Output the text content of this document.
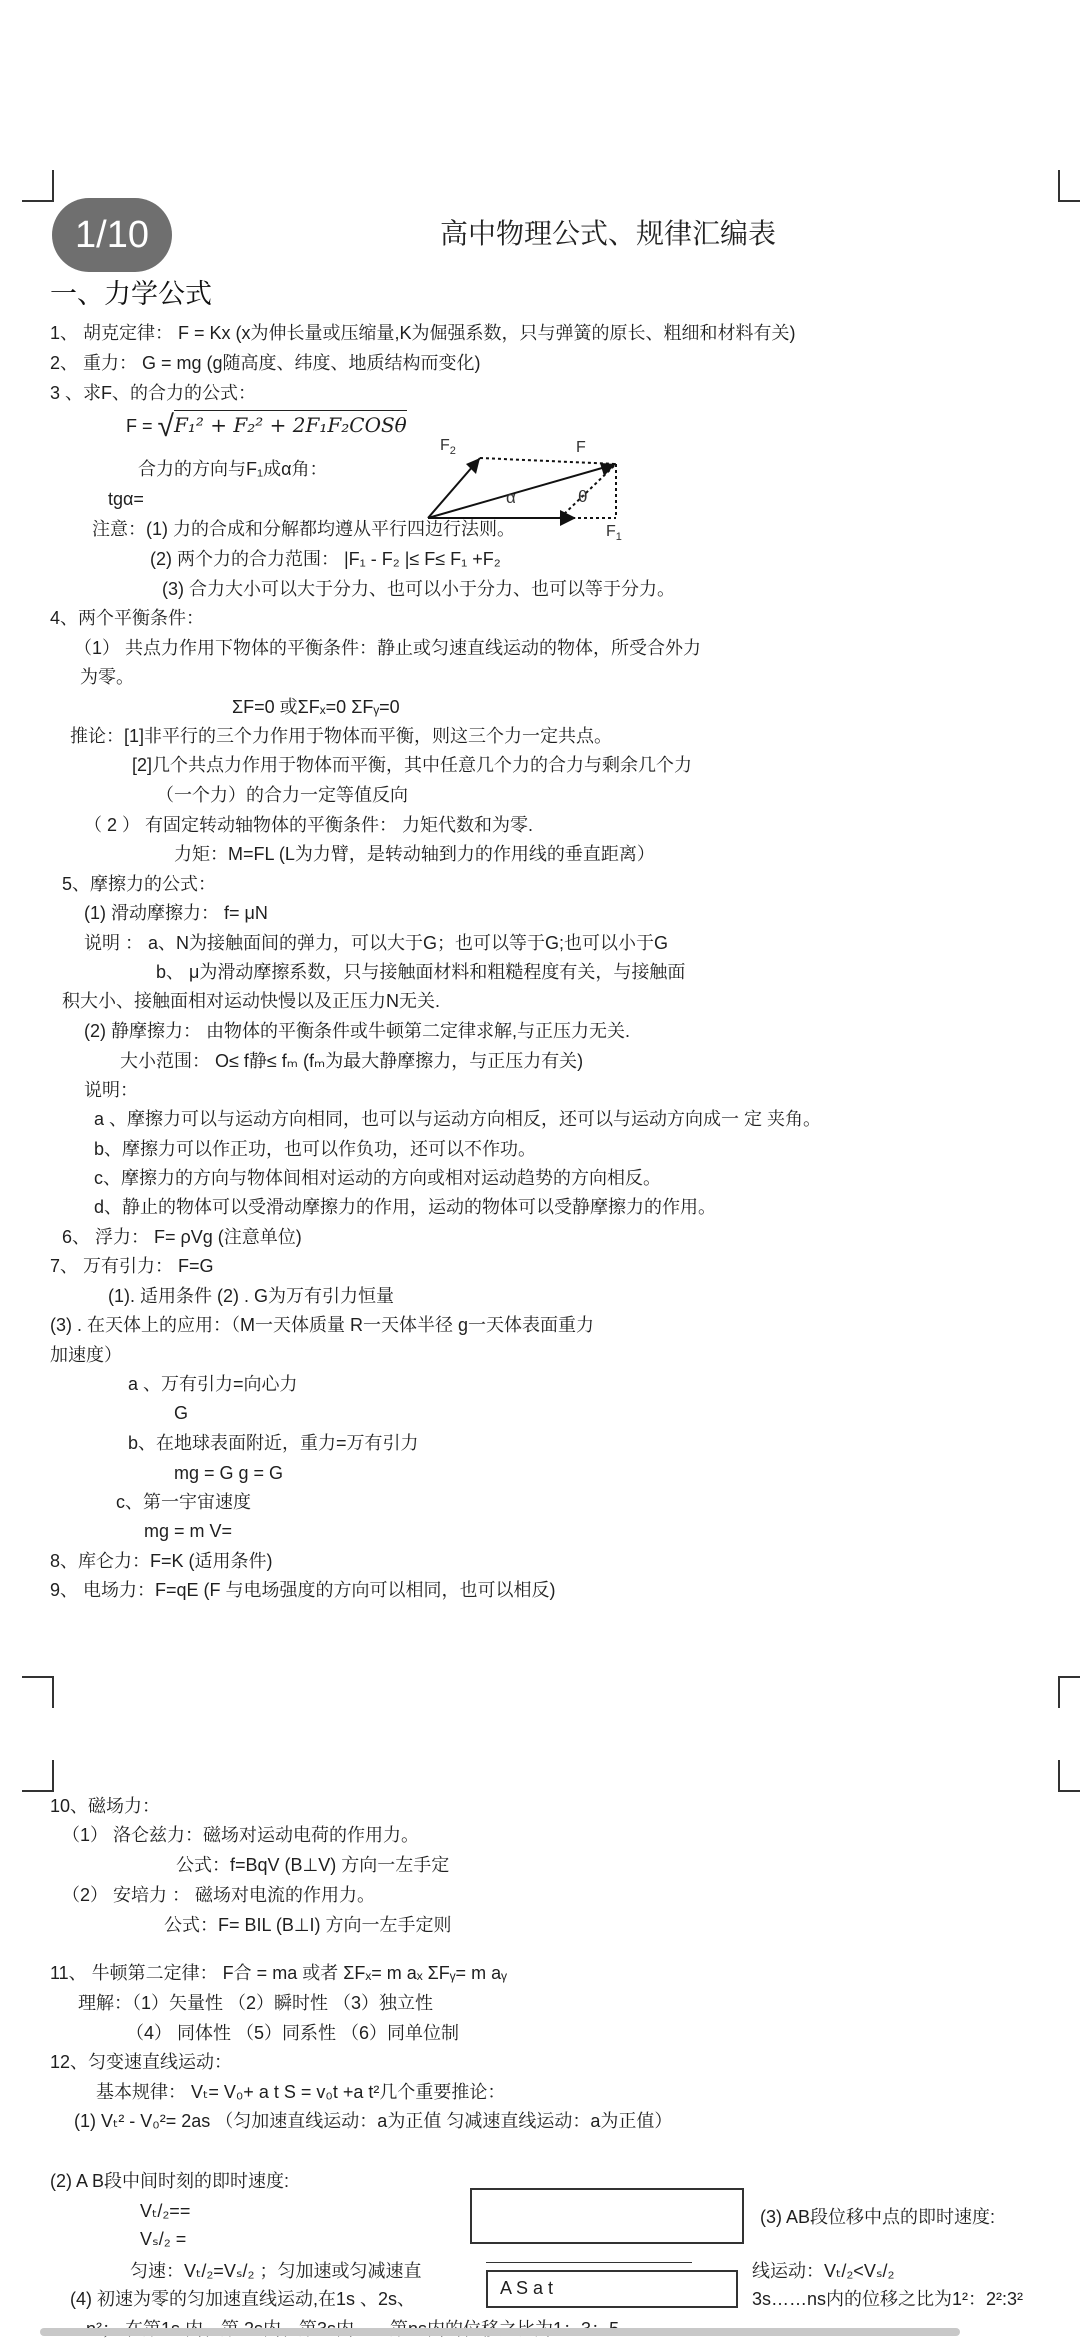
1/10	高中物理公式、规律汇编表
一、力学公式
1、 胡克定律： F = Kx (x为伸长量或压缩量,K为倔强系数，只与弹簧的原长、粗细和材料有关)
2、 重力： G = mg (g随高度、纬度、地质结构而变化)
3 、求F、的合力的公式：
F = √F₁² + F₂² + 2F₁F₂COSθ
合力的方向与F₁成α角：
tgα=
$F_2$	F
$F_1$
α	θ
注意：(1) 力的合成和分解都均遵从平行四边行法则。
(2) 两个力的合力范围： |F₁ - F₂ |≤ F≤ F₁ +F₂
(3) 合力大小可以大于分力、也可以小于分力、也可以等于分力。
4、两个平衡条件：
（1） 共点力作用下物体的平衡条件：静止或匀速直线运动的物体，所受合外力
为零。
ΣF=0 或ΣFₓ=0 ΣFᵧ=0
推论：[1]非平行的三个力作用于物体而平衡，则这三个力一定共点。
[2]几个共点力作用于物体而平衡，其中任意几个力的合力与剩余几个力
（一个力）的合力一定等值反向
（ 2 ） 有固定转动轴物体的平衡条件： 力矩代数和为零.
力矩：M=FL (L为力臂，是转动轴到力的作用线的垂直距离）
5、摩擦力的公式：
(1) 滑动摩擦力： f= μN
说明 ： a、N为接触面间的弹力，可以大于G；也可以等于G;也可以小于G
b、 μ为滑动摩擦系数，只与接触面材料和粗糙程度有关，与接触面
积大小、接触面相对运动快慢以及正压力N无关.
(2) 静摩擦力： 由物体的平衡条件或牛顿第二定律求解,与正压力无关.
大小范围： O≤ f静≤ fₘ (fₘ为最大静摩擦力，与正压力有关)
说明：
a 、摩擦力可以与运动方向相同，也可以与运动方向相反，还可以与运动方向成一 定 夹角。
b、摩擦力可以作正功，也可以作负功，还可以不作功。
c、摩擦力的方向与物体间相对运动的方向或相对运动趋势的方向相反。
d、静止的物体可以受滑动摩擦力的作用，运动的物体可以受静摩擦力的作用。
6、 浮力： F= ρVg (注意单位)
7、 万有引力： F=G
(1). 适用条件 (2) . G为万有引力恒量
(3) . 在天体上的应用：（M一天体质量 R一天体半径 g一天体表面重力
加速度）
a 、万有引力=向心力
G
b、在地球表面附近，重力=万有引力
mg = G g = G
c、第一宇宙速度
mg = m V=
8、库仑力：F=K (适用条件)
9、 电场力：F=qE (F 与电场强度的方向可以相同，也可以相反)
10、磁场力：
（1） 洛仑兹力：磁场对运动电荷的作用力。
公式：f=BqV (B⊥V) 方向一左手定
（2） 安培力 ： 磁场对电流的作用力。
公式：F= BIL (B⊥I) 方向一左手定则
11、 牛顿第二定律： F合 = ma 或者 ΣFₓ= m aₓ ΣFᵧ= m aᵧ
理解：（1）矢量性 （2）瞬时性 （3）独立性
（4） 同体性 （5）同系性 （6）同单位制
12、匀变速直线运动：
基本规律： Vₜ= V₀+ a t S = v₀t +a t²几个重要推论：
(1) Vₜ² - V₀²= 2as （匀加速直线运动：a为正值 匀减速直线运动：a为正值）
(2) A B段中间时刻的即时速度:
Vₜ/₂==
Vₛ/₂ =
(3) AB段位移中点的即时速度:
匀速：Vₜ/₂=Vₛ/₂ ；匀加速或匀减速直
A S a t
线运动：Vₜ/₂<Vₛ/₂
(4) 初速为零的匀加速直线运动,在1s 、2s、	3s……ns内的位移之比为1²：2²:3²
